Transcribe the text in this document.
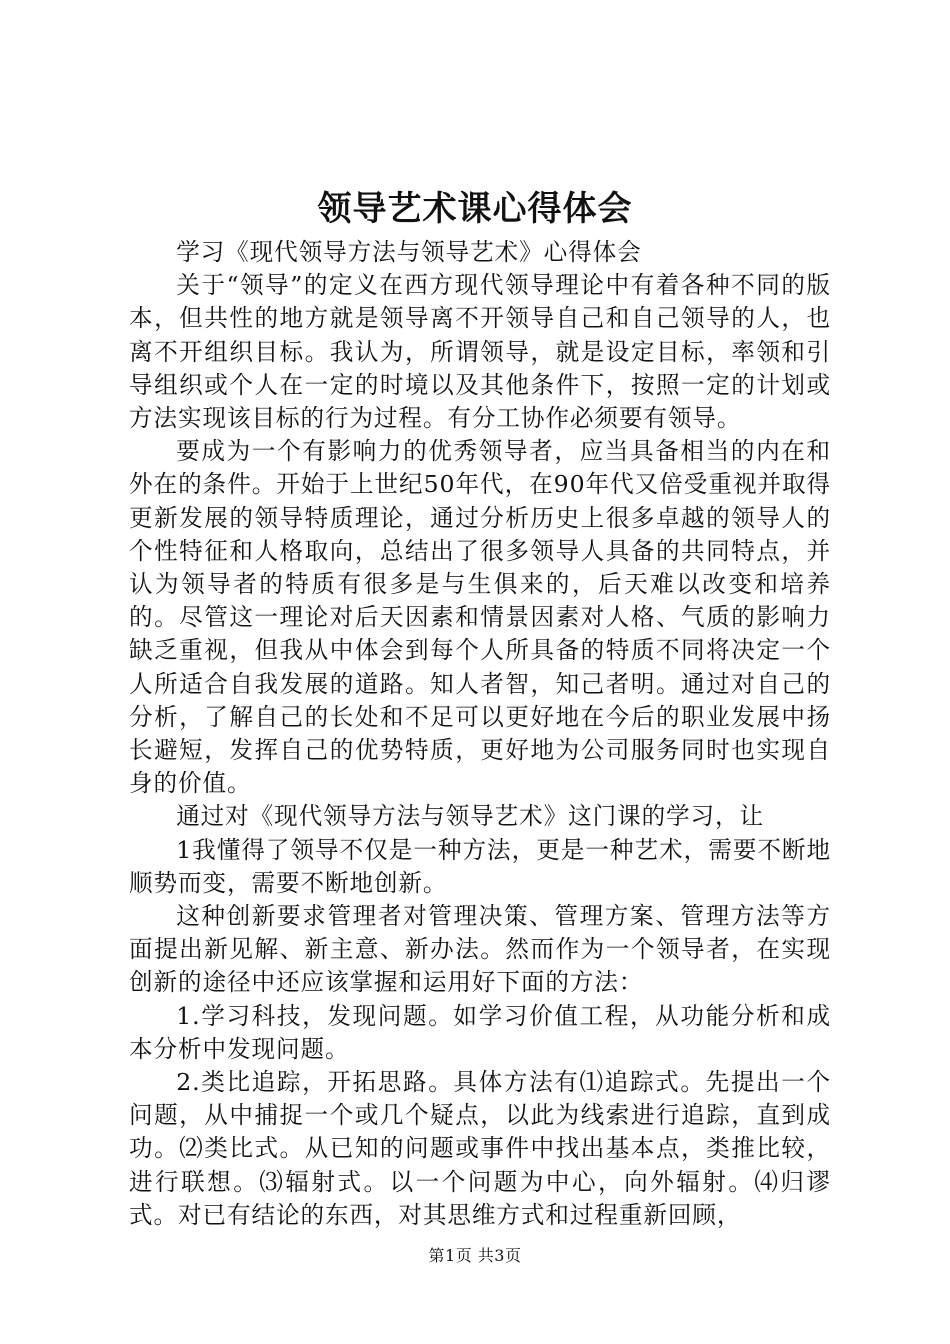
领导艺术课心得体会

学习《现代领导方法与领导艺术》心得体会

关于“领导”的定义在西方现代领导理论中有着各种不同的版本，但共性的地方就是领导离不开领导自己和自己领导的人，也离不开组织目标。我认为，所谓领导，就是设定目标，率领和引导组织或个人在一定的时境以及其他条件下，按照一定的计划或方法实现该目标的行为过程。有分工协作必须要有领导。

要成为一个有影响力的优秀领导者，应当具备相当的内在和外在的条件。开始于上世纪50年代，在90年代又倍受重视并取得更新发展的领导特质理论，通过分析历史上很多卓越的领导人的个性特征和人格取向，总结出了很多领导人具备的共同特点，并认为领导者的特质有很多是与生俱来的，后天难以改变和培养的。尽管这一理论对后天因素和情景因素对人格、气质的影响力缺乏重视，但我从中体会到每个人所具备的特质不同将决定一个人所适合自我发展的道路。知人者智，知己者明。通过对自己的分析，了解自己的长处和不足可以更好地在今后的职业发展中扬长避短，发挥自己的优势特质，更好地为公司服务同时也实现自身的价值。

通过对《现代领导方法与领导艺术》这门课的学习，让

1我懂得了领导不仅是一种方法，更是一种艺术，需要不断地顺势而变，需要不断地创新。

这种创新要求管理者对管理决策、管理方案、管理方法等方面提出新见解、新主意、新办法。然而作为一个领导者，在实现创新的途径中还应该掌握和运用好下面的方法：

1.学习科技，发现问题。如学习价值工程，从功能分析和成本分析中发现问题。

2.类比追踪，开拓思路。具体方法有⑴追踪式。先提出一个问题，从中捕捉一个或几个疑点，以此为线索进行追踪，直到成功。⑵类比式。从已知的问题或事件中找出基本点，类推比较，进行联想。⑶辐射式。以一个问题为中心，向外辐射。⑷归谬式。对已有结论的东西，对其思维方式和过程重新回顾，

第1页 共3页
